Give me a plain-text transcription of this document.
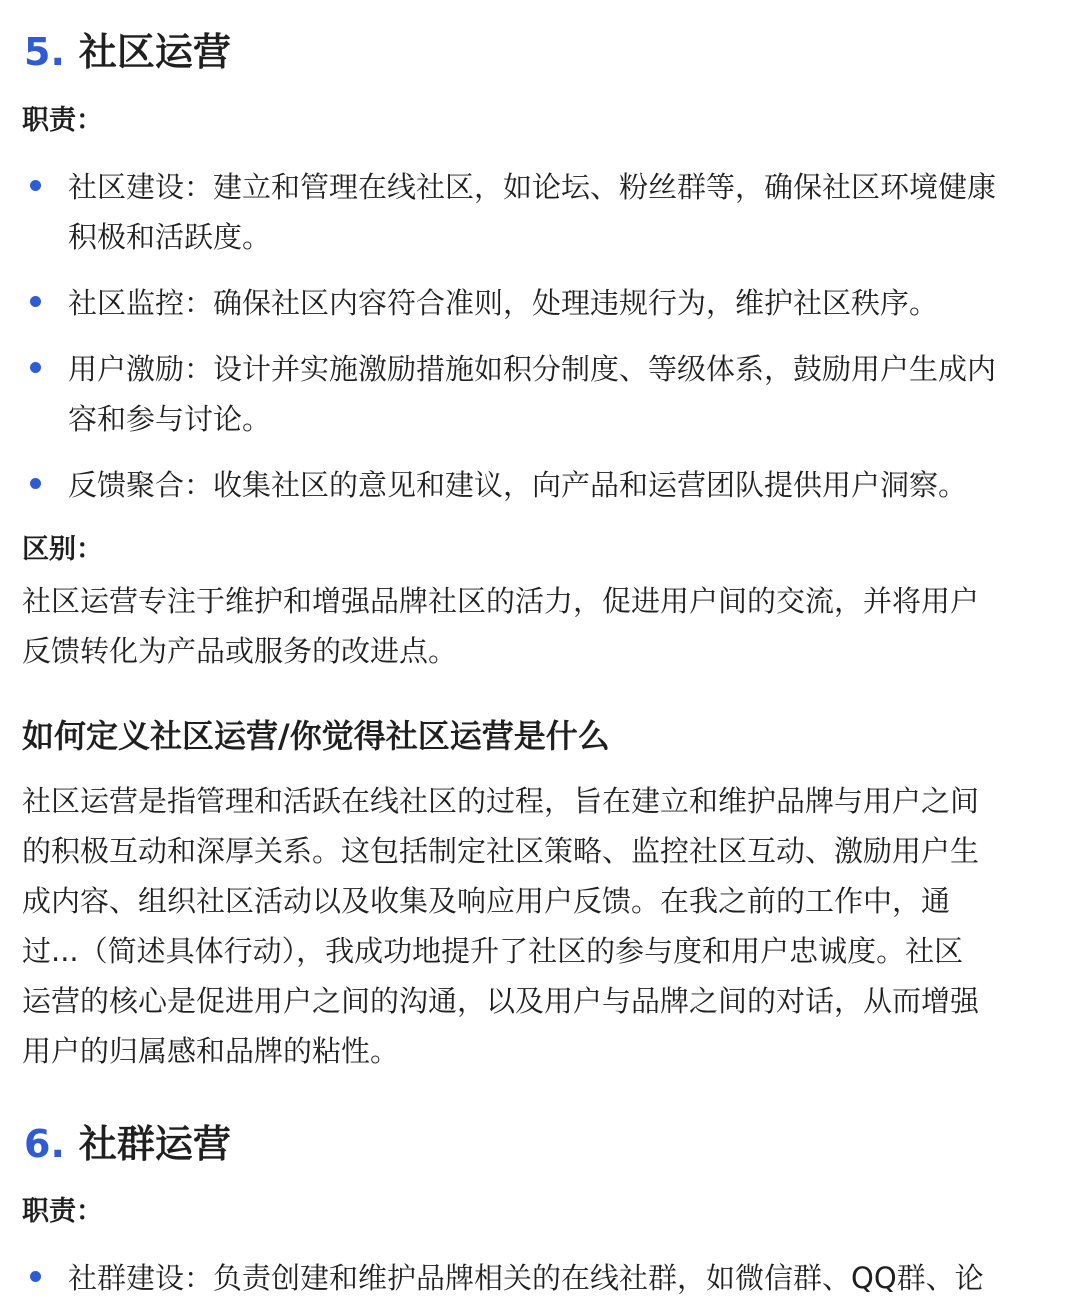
5. 社区运营
职责：
社区建设：建立和管理在线社区，如论坛、粉丝群等，确保社区环境健康
积极和活跃度。
社区监控：确保社区内容符合准则，处理违规行为，维护社区秩序。
用户激励：设计并实施激励措施如积分制度、等级体系，鼓励用户生成内
容和参与讨论。
反馈聚合：收集社区的意见和建议，向产品和运营团队提供用户洞察。
区别：
社区运营专注于维护和增强品牌社区的活力，促进用户间的交流，并将用户
反馈转化为产品或服务的改进点。
如何定义社区运营/你觉得社区运营是什么
社区运营是指管理和活跃在线社区的过程，旨在建立和维护品牌与用户之间
的积极互动和深厚关系。这包括制定社区策略、监控社区互动、激励用户生
成内容、组织社区活动以及收集及响应用户反馈。在我之前的工作中，通
过...（简述具体行动），我成功地提升了社区的参与度和用户忠诚度。社区
运营的核心是促进用户之间的沟通，以及用户与品牌之间的对话，从而增强
用户的归属感和品牌的粘性。
6. 社群运营
职责：
社群建设：负责创建和维护品牌相关的在线社群，如微信群、QQ群、论
